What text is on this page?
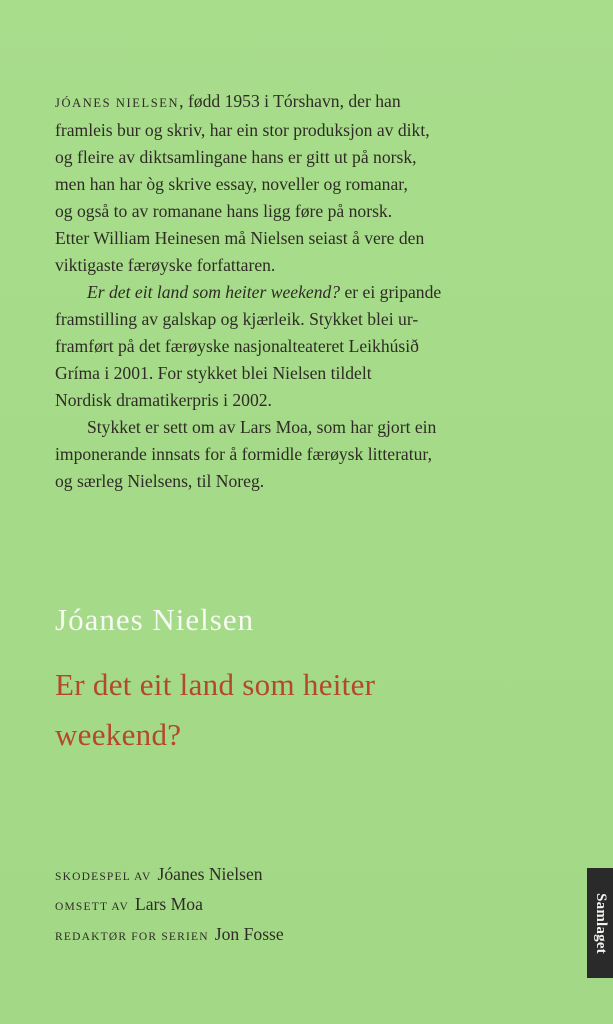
JÓANES NIELSEN, fødd 1953 i Tórshavn, der han
framleis bur og skriv, har ein stor produksjon av dikt,
og fleire av diktsamlingane hans er gitt ut på norsk,
men han har òg skrive essay, noveller og romanar,
og også to av romanane hans ligg føre på norsk.
Etter William Heinesen må Nielsen seiast å vere den
viktigaste færøyske forfattaren.
Er det eit land som heiter weekend? er ei gripande
framstilling av galskap og kjærleik. Stykket blei ur-
framført på det færøyske nasjonalteateret Leikhúsið
Gríma i 2001. For stykket blei Nielsen tildelt
Nordisk dramatikerpris i 2002.
Stykket er sett om av Lars Moa, som har gjort ein
imponerande innsats for å formidle færøysk litteratur,
og særleg Nielsens, til Noreg.
Jóanes Nielsen
Er det eit land som heiter
weekend?
SKODESPEL AV Jóanes Nielsen
OMSETT AV Lars Moa
REDAKTØR FOR SERIEN Jon Fosse	Samlaget
